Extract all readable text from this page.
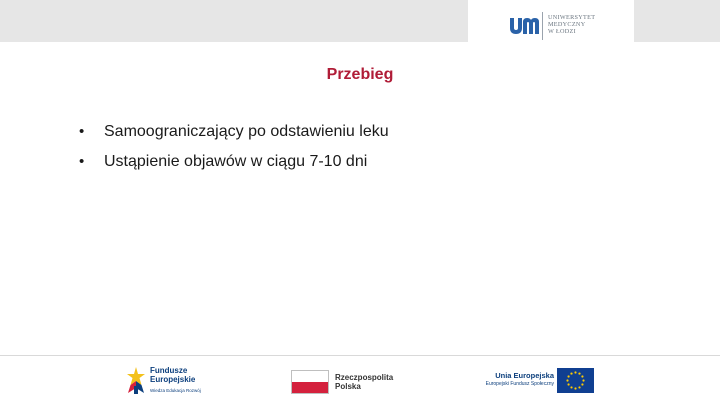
UNIWERSYTET
MEDYCZNY
W ŁODZI
Przebieg
• Samoograniczający po odstawieniu leku
• Ustąpienie objawów w ciągu 7-10 dni
Fundusze
Europejskie
Wiedza Edukacja Rozwój
Rzeczpospolita
Polska
Unia Europejska
Europejski Fundusz Społeczny
